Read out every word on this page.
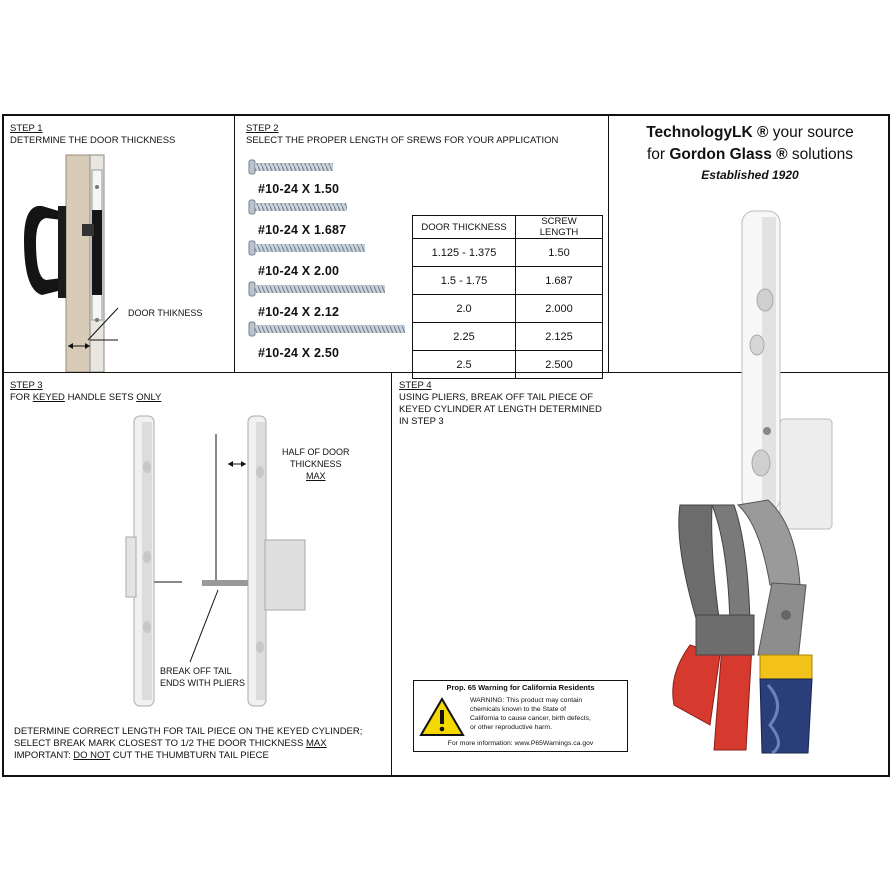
STEP 1
DETERMINE THE DOOR THICKNESS
DOOR THIKNESS
STEP 2
SELECT THE PROPER LENGTH OF SREWS FOR YOUR APPLICATION
#10-24 X 1.50
#10-24 X 1.687
#10-24 X 2.00
#10-24 X 2.12
#10-24 X 2.50
DOOR THICKNESS	SCREW LENGTH
1.125 - 1.375	1.50
1.5 - 1.75	1.687
2.0	2.000
2.25	2.125
2.5	2.500
TechnologyLK ® your source
for Gordon Glass ® solutions
Established 1920
STEP 3
FOR KEYED HANDLE SETS ONLY
HALF OF DOOR
THICKNESS
MAX
BREAK OFF TAIL
ENDS WITH PLIERS
DETERMINE CORRECT LENGTH FOR TAIL PIECE ON THE KEYED CYLINDER;
SELECT BREAK MARK CLOSEST TO 1/2 THE DOOR THICKNESS MAX
IMPORTANT: DO NOT CUT THE THUMBTURN TAIL PIECE
STEP 4
USING PLIERS, BREAK OFF TAIL PIECE OF
KEYED CYLINDER AT LENGTH DETERMINED
IN STEP 3
Prop. 65 Warning for California Residents
WARNING: This product may contain
chemicals known to the State of
California to cause cancer, birth defects,
or other reproductive harm.
For more information: www.P65Warnings.ca.gov
